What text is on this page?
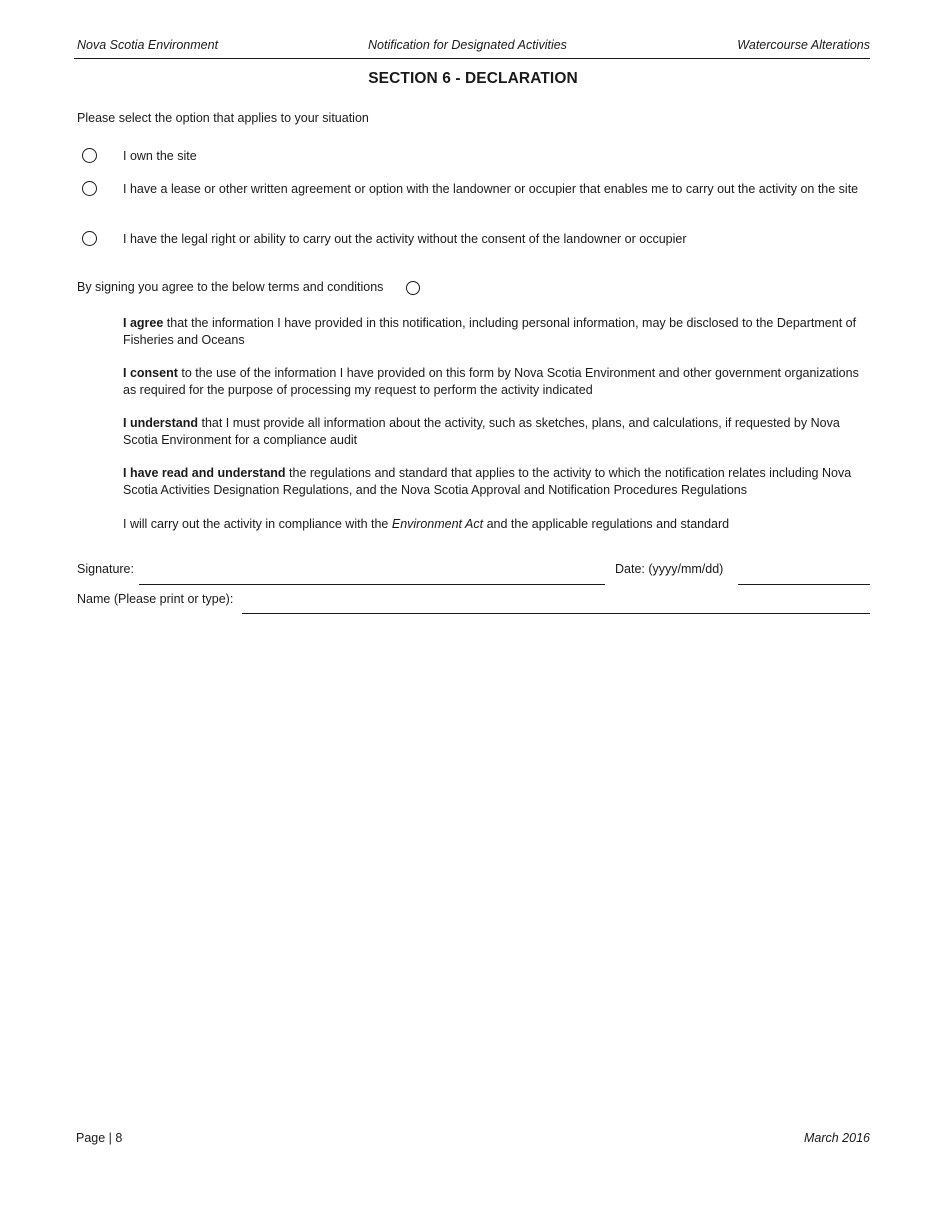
Nova Scotia Environment	Notification for Designated Activities	Watercourse Alterations
SECTION 6 - DECLARATION
Please select the option that applies to your situation
I own the site
I have a lease or other written agreement or option with the landowner or occupier that enables me to carry out the activity on the site
I have the legal right or ability to carry out the activity without the consent of the landowner or occupier
By signing you agree to the below terms and conditions
I agree that the information I have provided in this notification, including personal information, may be disclosed to the Department of Fisheries and Oceans
I consent to the use of the information I have provided on this form by Nova Scotia Environment and other government organizations as required for the purpose of processing my request to perform the activity indicated
I understand that I must provide all information about the activity, such as sketches, plans, and calculations, if requested by Nova Scotia Environment for a compliance audit
I have read and understand the regulations and standard that applies to the activity to which the notification relates including Nova Scotia Activities Designation Regulations, and the Nova Scotia Approval and Notification Procedures Regulations
I will carry out the activity in compliance with the Environment Act and the applicable regulations and standard
Signature:	Date: (yyyy/mm/dd)
Name (Please print or type):
Page | 8	March 2016
